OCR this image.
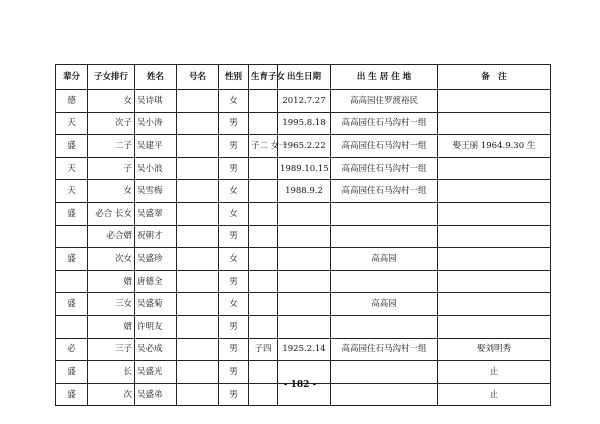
辈分	子女排行	姓名	号名	性别	生育子女	出生日期	出 生 居 住 地	备　注
德	女	吴诗琪		女		2012.7.27	高高园住罗渡裕民	
天	次子	吴小涛		男		1995.8.18	高高园住石马沟村一组	
盛	二子	吴建平		男	子二 女一	1965.2.22	高高园住石马沟村一组	娶王丽 1964.9.30 生
天	子	吴小浪		男		1989.10.15	高高园住石马沟村一组	
天	女	吴雪梅		女		1988.9.2	高高园住石马沟村一组	
盛	必合 长女	吴盛翠		女				
	必合婿	祝朝才		男				
盛	次女	吴盛珍		女			高高园	
	婿	唐德全		男				
盛	三女	吴盛菊		女			高高园	
	婿	许明友		男				
必	三子	吴必成		男	子四	1925.2.14	高高园住石马沟村一组	娶刘明秀
盛	长	吴盛光		男				止
盛	次	吴盛弟		男				止
- 182 -
